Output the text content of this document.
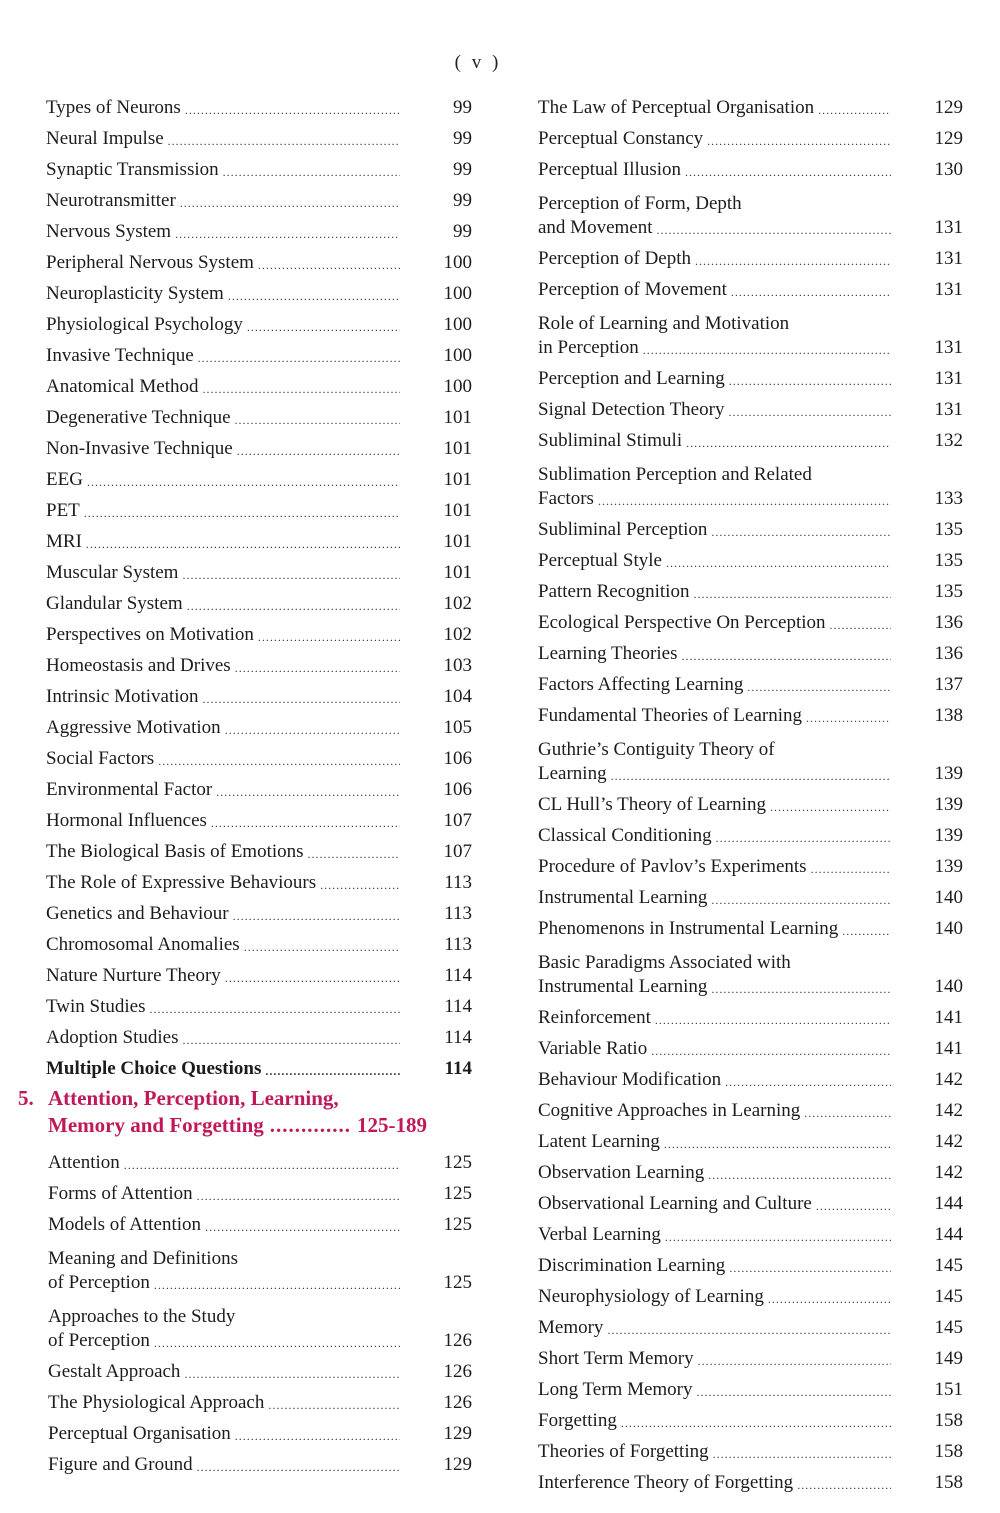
( v )
Types of Neurons .....	99
Neural Impulse .....	99
Synaptic Transmission .....	99
Neurotransmitter .....	99
Nervous System .....	99
Peripheral Nervous System .....	100
Neuroplasticity System .....	100
Physiological Psychology .....	100
Invasive Technique .....	100
Anatomical Method .....	100
Degenerative Technique .....	101
Non-Invasive Technique .....	101
EEG .....	101
PET .....	101
MRI .....	101
Muscular System .....	101
Glandular System .....	102
Perspectives on Motivation .....	102
Homeostasis and Drives .....	103
Intrinsic Motivation .....	104
Aggressive Motivation .....	105
Social Factors .....	106
Environmental Factor .....	106
Hormonal Influences .....	107
The Biological Basis of Emotions .....	107
The Role of Expressive Behaviours .....	113
Genetics and Behaviour .....	113
Chromosomal Anomalies .....	113
Nature Nurture Theory .....	114
Twin Studies .....	114
Adoption Studies .....	114
Multiple Choice Questions .....	114
5. Attention, Perception, Learning,
Memory and Forgetting ............. 125-189
Attention .....	125
Forms of Attention .....	125
Models of Attention .....	125
Meaning and Definitions
of Perception .....	125
Approaches to the Study
of Perception .....	126
Gestalt Approach .....	126
The Physiological Approach .....	126
Perceptual Organisation .....	129
Figure and Ground .....	129
The Law of Perceptual Organisation .....	129
Perceptual Constancy .....	129
Perceptual Illusion .....	130
Perception of Form, Depth
and Movement .....	131
Perception of Depth .....	131
Perception of Movement .....	131
Role of Learning and Motivation
in Perception .....	131
Perception and Learning .....	131
Signal Detection Theory .....	131
Subliminal Stimuli .....	132
Sublimation Perception and Related
Factors .....	133
Subliminal Perception .....	135
Perceptual Style .....	135
Pattern Recognition .....	135
Ecological Perspective On Perception .....	136
Learning Theories .....	136
Factors Affecting Learning .....	137
Fundamental Theories of Learning .....	138
Guthrie’s Contiguity Theory of
Learning .....	139
CL Hull’s Theory of Learning .....	139
Classical Conditioning .....	139
Procedure of Pavlov’s Experiments .....	139
Instrumental Learning .....	140
Phenomenons in Instrumental Learning .....	140
Basic Paradigms Associated with
Instrumental Learning .....	140
Reinforcement .....	141
Variable Ratio .....	141
Behaviour Modification .....	142
Cognitive Approaches in Learning .....	142
Latent Learning .....	142
Observation Learning .....	142
Observational Learning and Culture .....	144
Verbal Learning .....	144
Discrimination Learning .....	145
Neurophysiology of Learning .....	145
Memory .....	145
Short Term Memory .....	149
Long Term Memory .....	151
Forgetting .....	158
Theories of Forgetting .....	158
Interference Theory of Forgetting .....	158
